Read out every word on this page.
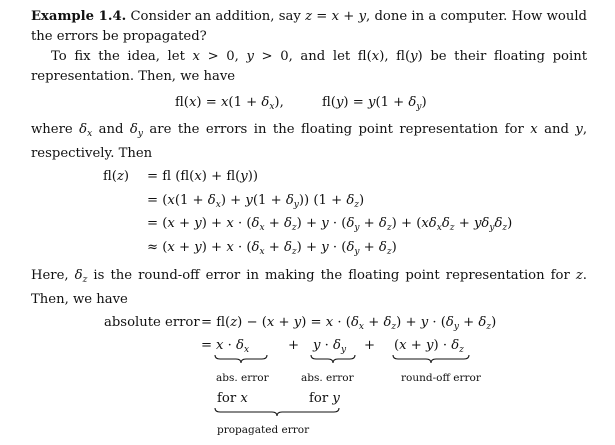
Example 1.4. Consider an addition, say z = x + y, done in a computer. How would the errors be propagated?
To fix the idea, let x > 0, y > 0, and let fl(x), fl(y) be their floating point representation. Then, we have
$fl(x) = x(1 + \delta_x)$,	$fl(y) = y(1 + \delta_y)$
where $\delta_x$ and $\delta_y$ are the errors in the floating point representation for x and y, respectively. Then
fl(z) = fl (fl(x) + fl(y))
= $(x(1 + \delta_x) + y(1 + \delta_y))$ $(1 + \delta_z)$
= $(x + y) + x \cdot (\delta_x + \delta_z) + y \cdot (\delta_y + \delta_z) + (x\delta_x\delta_z + y\delta_y\delta_z)$
≈ $(x + y) + x \cdot (\delta_x + \delta_z) + y \cdot (\delta_y + \delta_z)$
Here, $\delta_z$ is the round-off error in making the floating point representation for z. Then, we have
absolute error = $fl(z) - (x + y) = x \cdot (\delta_x + \delta_z) + y \cdot (\delta_y + \delta_z)$
= $x \cdot \delta_x$	+ $y \cdot \delta_y + (x + y) \cdot \delta_z$
abs. error	abs. error	round-off error
for x	for y
propagated error
